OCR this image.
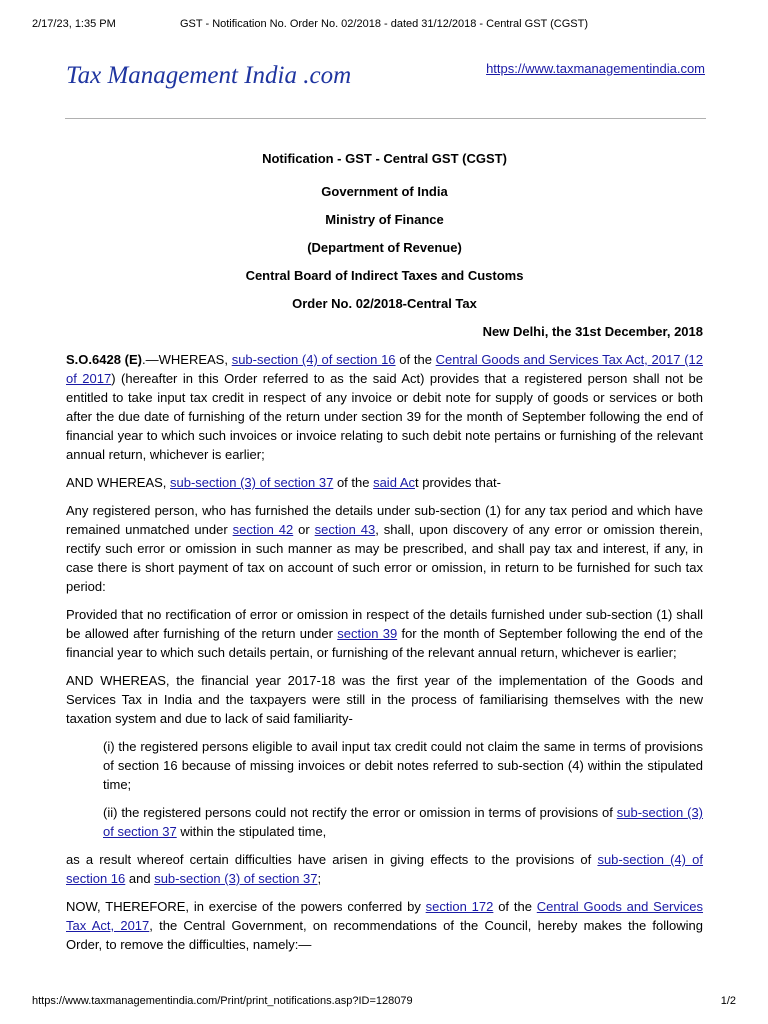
2/17/23, 1:35 PM	GST - Notification No. Order No. 02/2018 - dated 31/12/2018 - Central GST (CGST)
Tax Management India .com	https://www.taxmanagementindia.com
Notification - GST - Central GST (CGST)
Government of India
Ministry of Finance
(Department of Revenue)
Central Board of Indirect Taxes and Customs
Order No. 02/2018-Central Tax
New Delhi, the 31st December, 2018

S.O.6428 (E).—WHEREAS, sub-section (4) of section 16 of the Central Goods and Services Tax Act, 2017 (12 of 2017) (hereafter in this Order referred to as the said Act) provides that a registered person shall not be entitled to take input tax credit in respect of any invoice or debit note for supply of goods or services or both after the due date of furnishing of the return under section 39 for the month of September following the end of financial year to which such invoices or invoice relating to such debit note pertains or furnishing of the relevant annual return, whichever is earlier;

AND WHEREAS, sub-section (3) of section 37 of the said Act provides that-

Any registered person, who has furnished the details under sub-section (1) for any tax period and which have remained unmatched under section 42 or section 43, shall, upon discovery of any error or omission therein, rectify such error or omission in such manner as may be prescribed, and shall pay tax and interest, if any, in case there is short payment of tax on account of such error or omission, in return to be furnished for such tax period:

Provided that no rectification of error or omission in respect of the details furnished under sub-section (1) shall be allowed after furnishing of the return under section 39 for the month of September following the end of the financial year to which such details pertain, or furnishing of the relevant annual return, whichever is earlier;

AND WHEREAS, the financial year 2017-18 was the first year of the implementation of the Goods and Services Tax in India and the taxpayers were still in the process of familiarising themselves with the new taxation system and due to lack of said familiarity-

(i) the registered persons eligible to avail input tax credit could not claim the same in terms of provisions of section 16 because of missing invoices or debit notes referred to sub-section (4) within the stipulated time;

(ii) the registered persons could not rectify the error or omission in terms of provisions of sub-section (3) of section 37 within the stipulated time,

as a result whereof certain difficulties have arisen in giving effects to the provisions of sub-section (4) of section 16 and sub-section (3) of section 37;

NOW, THEREFORE, in exercise of the powers conferred by section 172 of the Central Goods and Services Tax Act, 2017, the Central Government, on recommendations of the Council, hereby makes the following Order, to remove the difficulties, namely:—

https://www.taxmanagementindia.com/Print/print_notifications.asp?ID=128079	1/2
